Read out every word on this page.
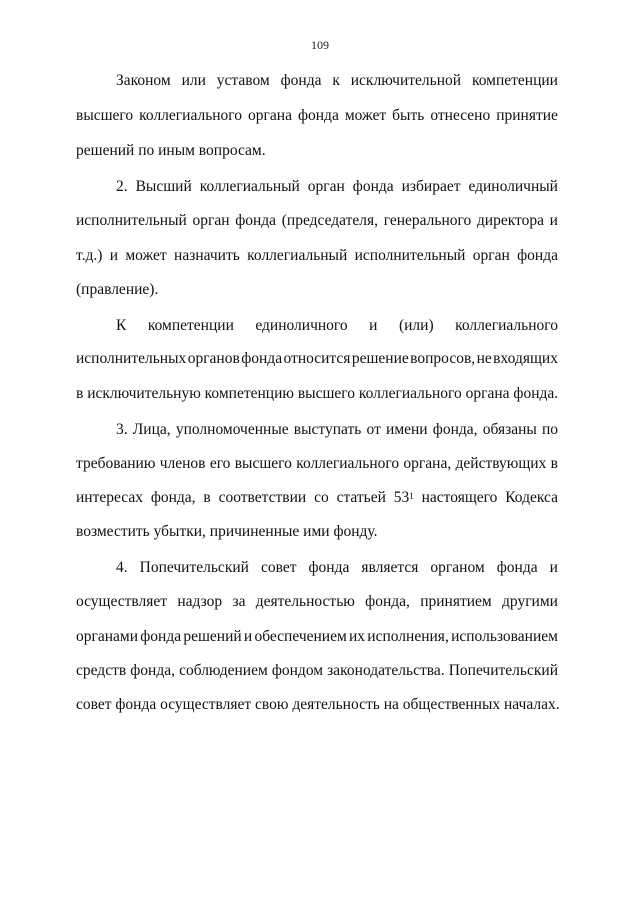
109
Законом или уставом фонда к исключительной компетенции
высшего коллегиального органа фонда может быть отнесено принятие
решений по иным вопросам.
2. Высший коллегиальный орган фонда избирает единоличный
исполнительный орган фонда (председателя, генерального директора и
т.д.) и может назначить коллегиальный исполнительный орган фонда
(правление).
К компетенции единоличного и (или) коллегиального
исполнительных органов фонда относится решение вопросов, не входящих
в исключительную компетенцию высшего коллегиального органа фонда.
3. Лица, уполномоченные выступать от имени фонда, обязаны по
требованию членов его высшего коллегиального органа, действующих в
интересах фонда, в соответствии со статьей $53^1$ настоящего Кодекса
возместить убытки, причиненные ими фонду.
4. Попечительский совет фонда является органом фонда и
осуществляет надзор за деятельностью фонда, принятием другими
органами фонда решений и обеспечением их исполнения, использованием
средств фонда, соблюдением фондом законодательства. Попечительский
совет фонда осуществляет свою деятельность на общественных началах.
